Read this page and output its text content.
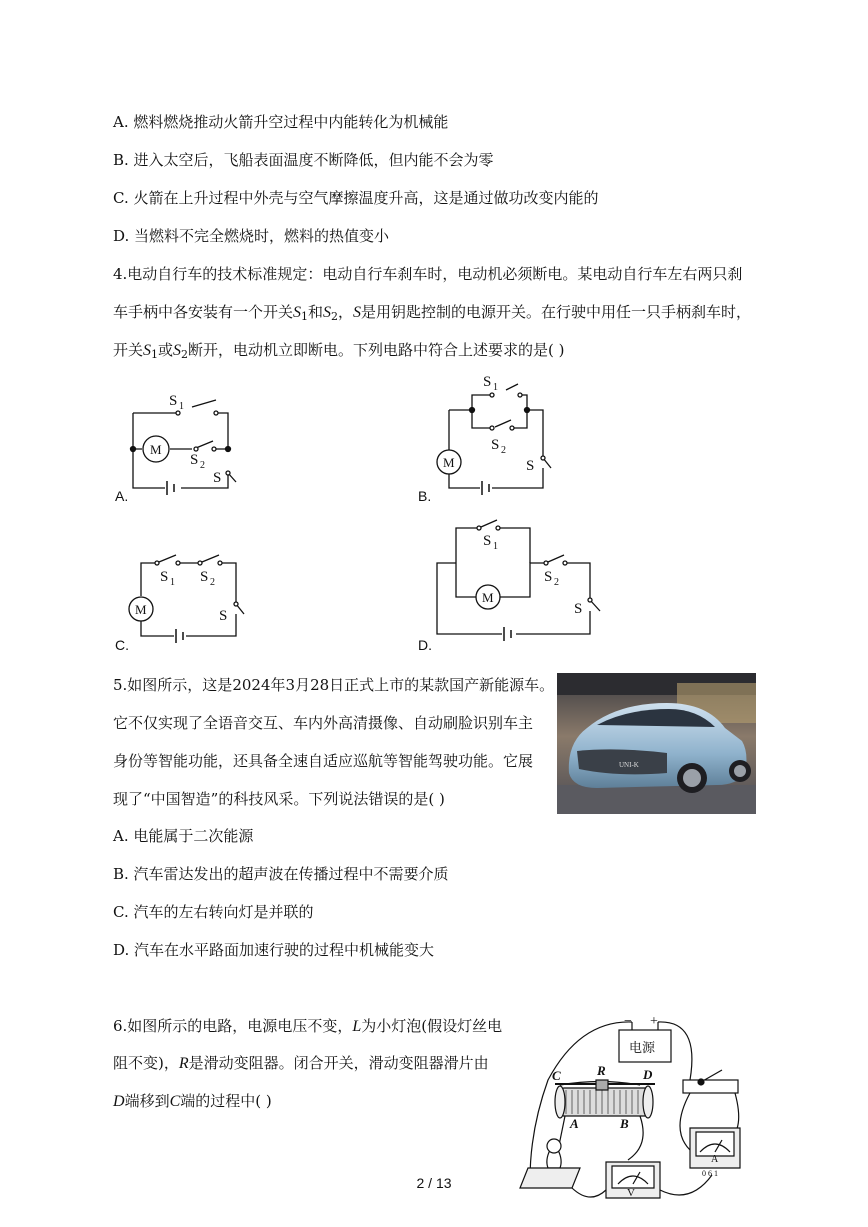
A. 燃料燃烧推动火箭升空过程中内能转化为机械能
B. 进入太空后，飞船表面温度不断降低，但内能不会为零
C. 火箭在上升过程中外壳与空气摩擦温度升高，这是通过做功改变内能的
D. 当燃料不完全燃烧时，燃料的热值变小
4.电动自行车的技术标准规定：电动自行车刹车时，电动机必须断电。某电动自行车左右两只刹
车手柄中各安装有一个开关$S_1$和$S_2$，S是用钥匙控制的电源开关。在行驶中用任一只手柄刹车时，
开关$S_1$或$S_2$断开，电动机立即断电。下列电路中符合上述要求的是( )
M
S 1
S 2
S
A.
M
S 1
S 2
S
B.
M
S 1 S 2
S
C.
M
S 1
S 2
S
D.
5.如图所示，这是2024年3月28日正式上市的某款国产新能源车。
它不仅实现了全语音交互、车内外高清摄像、自动刷脸识别车主
身份等智能功能，还具备全速自适应巡航等智能驾驶功能。它展
现了“中国智造”的科技风采。下列说法错误的是( )
UNI-K
A. 电能属于二次能源
B. 汽车雷达发出的超声波在传播过程中不需要介质
C. 汽车的左右转向灯是并联的
D. 汽车在水平路面加速行驶的过程中机械能变大
6.如图所示的电路，电源电压不变，L为小灯泡(假设灯丝电
阻不变)，R是滑动变阻器。闭合开关，滑动变阻器滑片由
D端移到C端的过程中( )
− +
电源
C	R	D
A	B
V
A
0 6 1
2 / 13
